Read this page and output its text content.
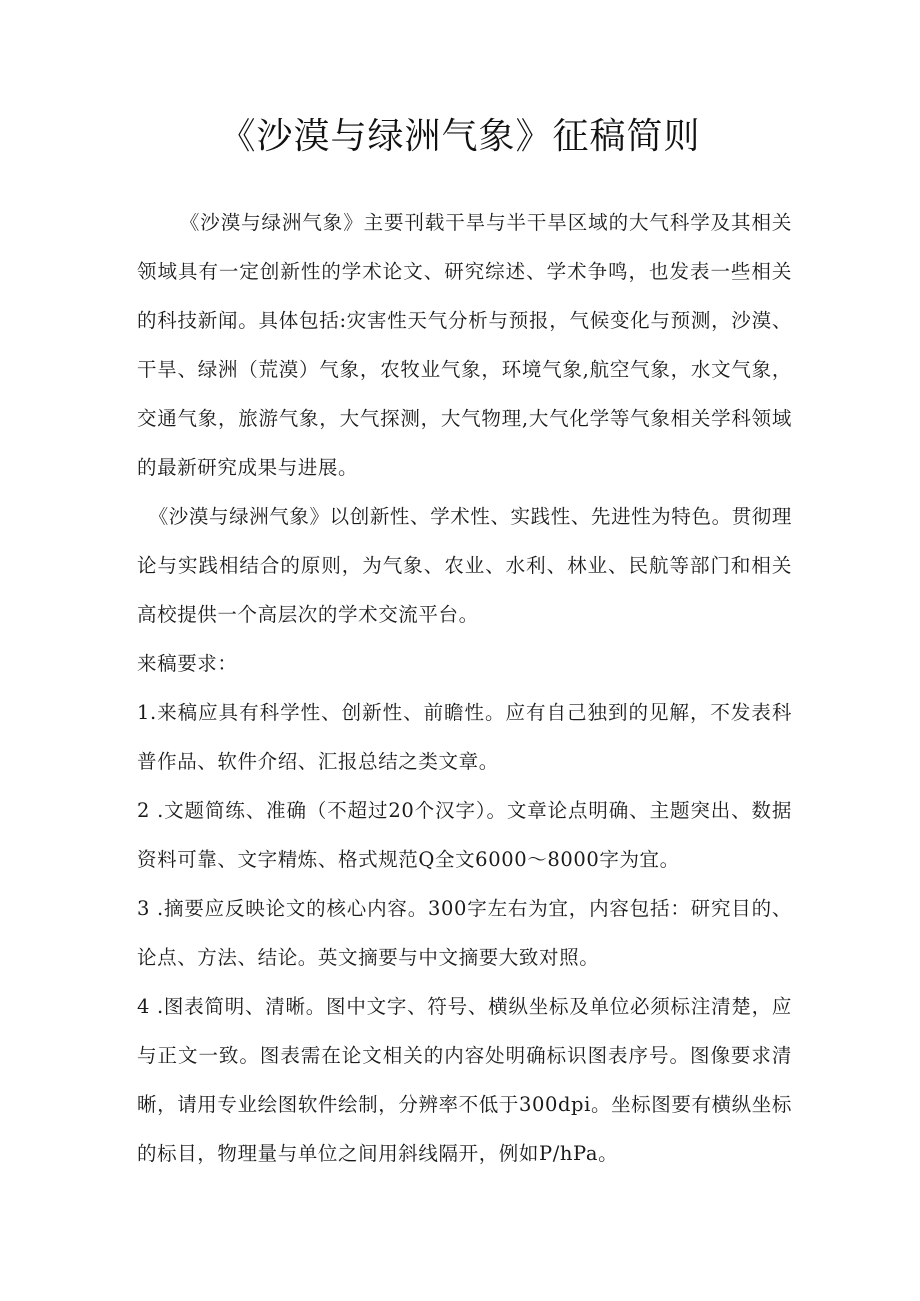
《沙漠与绿洲气象》征稿简则

《沙漠与绿洲气象》主要刊载干旱与半干旱区域的大气科学及其相关领域具有一定创新性的学术论文、研究综述、学术争鸣，也发表一些相关的科技新闻。具体包括:灾害性天气分析与预报，气候变化与预测，沙漠、干旱、绿洲（荒漠）气象，农牧业气象，环境气象,航空气象，水文气象，交通气象，旅游气象，大气探测，大气物理,大气化学等气象相关学科领域的最新研究成果与进展。

《沙漠与绿洲气象》以创新性、学术性、实践性、先进性为特色。贯彻理论与实践相结合的原则，为气象、农业、水利、林业、民航等部门和相关高校提供一个高层次的学术交流平台。

来稿要求：

1.来稿应具有科学性、创新性、前瞻性。应有自己独到的见解，不发表科普作品、软件介绍、汇报总结之类文章。

2 .文题简练、准确（不超过20个汉字）。文章论点明确、主题突出、数据资料可靠、文字精炼、格式规范Q全文6000～8000字为宜。

3 .摘要应反映论文的核心内容。300字左右为宜，内容包括：研究目的、论点、方法、结论。英文摘要与中文摘要大致对照。

4 .图表简明、清晰。图中文字、符号、横纵坐标及单位必须标注清楚，应与正文一致。图表需在论文相关的内容处明确标识图表序号。图像要求清晰，请用专业绘图软件绘制，分辨率不低于300dpi。坐标图要有横纵坐标的标目，物理量与单位之间用斜线隔开，例如P/hPa。
